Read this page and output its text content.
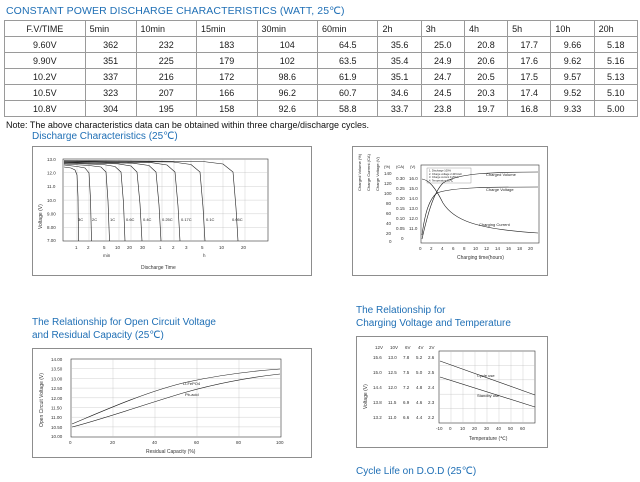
CONSTANT POWER DISCHARGE CHARACTERISTICS (WATT, 25℃)
F.V/TIME	5min	10min	15min	30min	60min	2h	3h	4h	5h	10h	20h
9.60V	362	232	183	104	64.5	35.6	25.0	20.8	17.7	9.66	5.18
9.90V	351	225	179	102	63.5	35.4	24.9	20.6	17.6	9.62	5.16
10.2V	337	216	172	98.6	61.9	35.1	24.7	20.5	17.5	9.57	5.13
10.5V	323	207	166	96.2	60.7	34.6	24.5	20.3	17.4	9.52	5.10
10.8V	304	195	158	92.6	58.8	33.7	23.8	19.7	16.8	9.33	5.00
Note: The above characteristics data can be obtained within three charge/discharge cycles.
Discharge Characteristics (25℃)
Voltage (V)
13.0
12.0
11.0
10.0
9.00
8.00
7.00
3C 2C	1C	0.6C 0.4C	0.25C 0.17C	0.1C	0.05C
1 2	5 10 20 30
min
1 2 3	5	10	20
h
Discharge Time
Charged Volume (%) Charge Current (CA) Charge Voltage (V) (%) (CA) (V)
140
120
100
80
60
40
20
0
0.30
0.25
0.20
0.15
0.10
0.05
0
16.0
15.0
14.0
13.0
12.0
11.0
1. Discharge 100%
2. Charge voltage 2.40V/cell
3. Charge current 0.25CA
4. Temperature 25℃
Charged Volume
Charge Voltage
Charging Current
0 2 4 6 8 10 12 14 16 18 20
Charging time(hours)
The Relationship for Open Circuit Voltage
and Residual Capacity (25℃)
Open Circuit Voltage (V)
14.00
13.50
13.00
12.50
12.00
11.50
11.00
10.50
10.00
Li-FePO4
Pb-acid
0	20	40	60	80	100
Residual Capacity (%)
The Relationship for
Charging Voltage and Temperature
Voltage (V)
12V 10V 6V 4V 2V
15.6 13.0 7.8 5.2 2.6
15.0 12.5 7.5 5.0 2.5
14.4 12.0 7.2 4.8 2.4
13.8 11.5 6.9 4.6 2.3
13.2 11.0 6.6 4.4 2.2
Cycle use
Standby use
-10 0 10 20 30 40 50 60
Temperature (℃)
Cycle Life on D.O.D (25℃)
